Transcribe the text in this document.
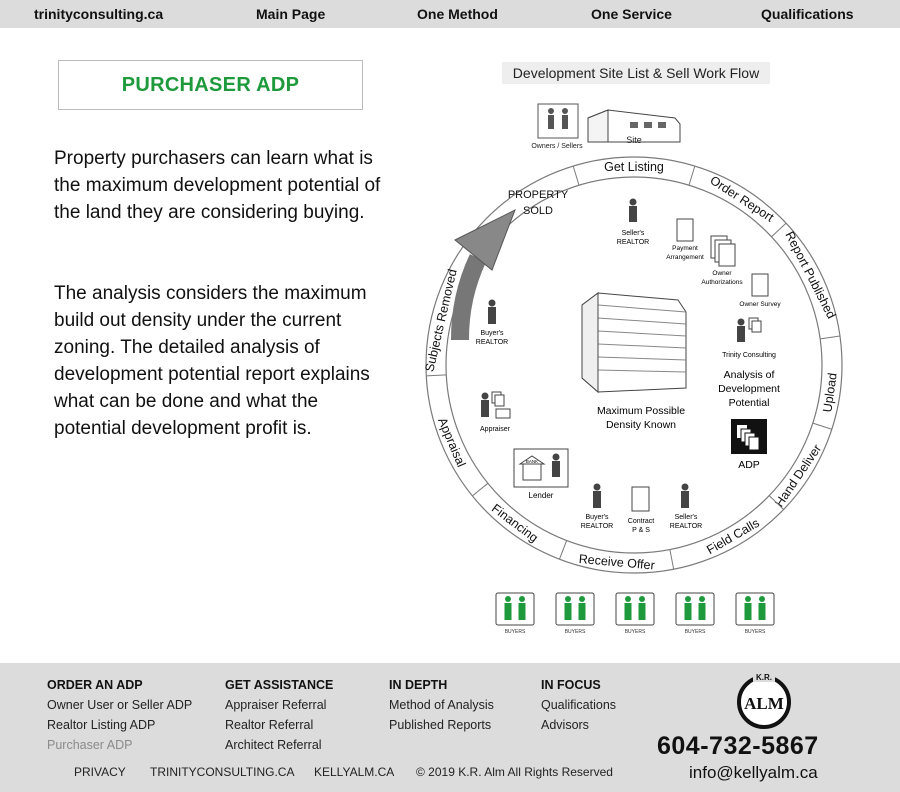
trinityconsulting.ca	Main Page	One Method	One Service	Qualifications
PURCHASER ADP
Property purchasers can learn what is the maximum development potential of the land they are considering buying.
The analysis considers the maximum build out density under the current zoning. The detailed analysis of development potential report explains what can be done and what the potential development profit is.
Development Site List & Sell Work Flow
Owners / Sellers
Site
Get Listing
Order Report
Report Published
Upload
Hand Deliver
Field Calls
Receive Offer
Financing
Appraisal
Subjects Removed
PROPERTY
SOLD
Seller's
REALTOR
Payment
Arrangement
Owner
Authorizations
Owner Survey
Trinity Consulting
Analysis of
Development
Potential
ADP
Buyer's
REALTOR
Maximum Possible
Density Known
Appraiser
BANK
Lender
Buyer's
REALTOR
Contract
P & S
Seller's
REALTOR
BUYERS	BUYERS	BUYERS	BUYERS	BUYERS
ORDER AN ADP
Owner User or Seller ADP
Realtor Listing ADP
Purchaser ADP
GET ASSISTANCE
Appraiser Referral
Realtor Referral
Architect Referral
IN DEPTH
Method of Analysis
Published Reports
IN FOCUS
Qualifications
Advisors
PRIVACY TRINITYCONSULTING.CA KELLYALM.CA © 2019 K.R. Alm All Rights Reserved
K.R.
ALM
604-732-5867
info@kellyalm.ca
